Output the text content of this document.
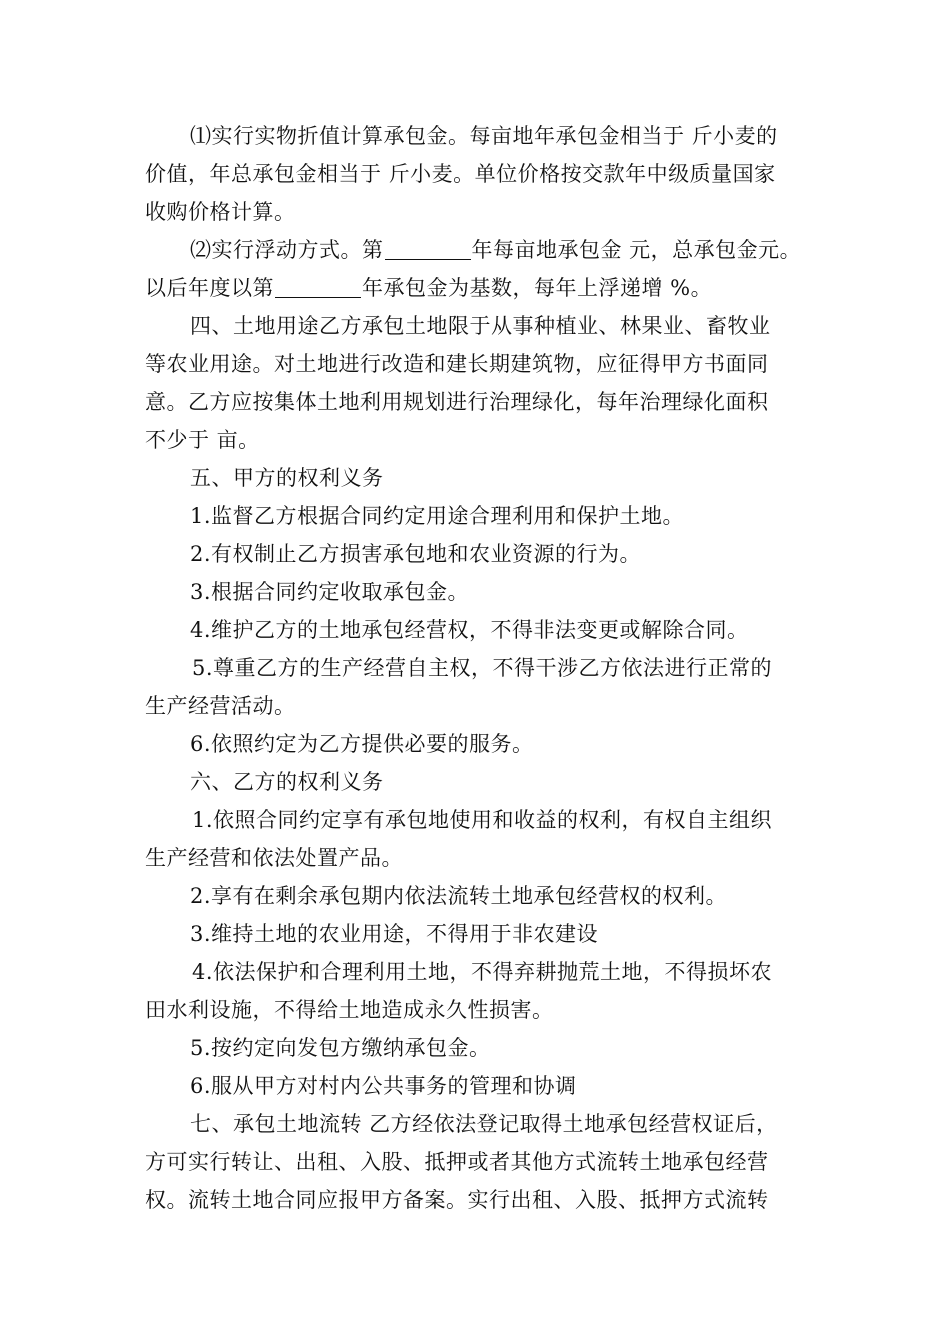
⑴实行实物折值计算承包金。每亩地年承包金相当于 斤小麦的
价值，年总承包金相当于 斤小麦。单位价格按交款年中级质量国家
收购价格计算。
⑵实行浮动方式。第	年每亩地承包金 元，总承包金元。
以后年度以第	年承包金为基数，每年上浮递增 %。
四、土地用途乙方承包土地限于从事种植业、林果业、畜牧业
等农业用途。对土地进行改造和建长期建筑物，应征得甲方书面同
意。乙方应按集体土地利用规划进行治理绿化，每年治理绿化面积
不少于 亩。
五、甲方的权利义务
1.监督乙方根据合同约定用途合理利用和保护土地。
2.有权制止乙方损害承包地和农业资源的行为。
3.根据合同约定收取承包金。
4.维护乙方的土地承包经营权，不得非法变更或解除合同。
5.尊重乙方的生产经营自主权，不得干涉乙方依法进行正常的
生产经营活动。
6.依照约定为乙方提供必要的服务。
六、乙方的权利义务
1.依照合同约定享有承包地使用和收益的权利，有权自主组织
生产经营和依法处置产品。
2.享有在剩余承包期内依法流转土地承包经营权的权利。
3.维持土地的农业用途，不得用于非农建设
4.依法保护和合理利用土地，不得弃耕抛荒土地，不得损坏农
田水利设施，不得给土地造成永久性损害。
5.按约定向发包方缴纳承包金。
6.服从甲方对村内公共事务的管理和协调
七、承包土地流转 乙方经依法登记取得土地承包经营权证后，
方可实行转让、出租、入股、抵押或者其他方式流转土地承包经营
权。流转土地合同应报甲方备案。实行出租、入股、抵押方式流转
